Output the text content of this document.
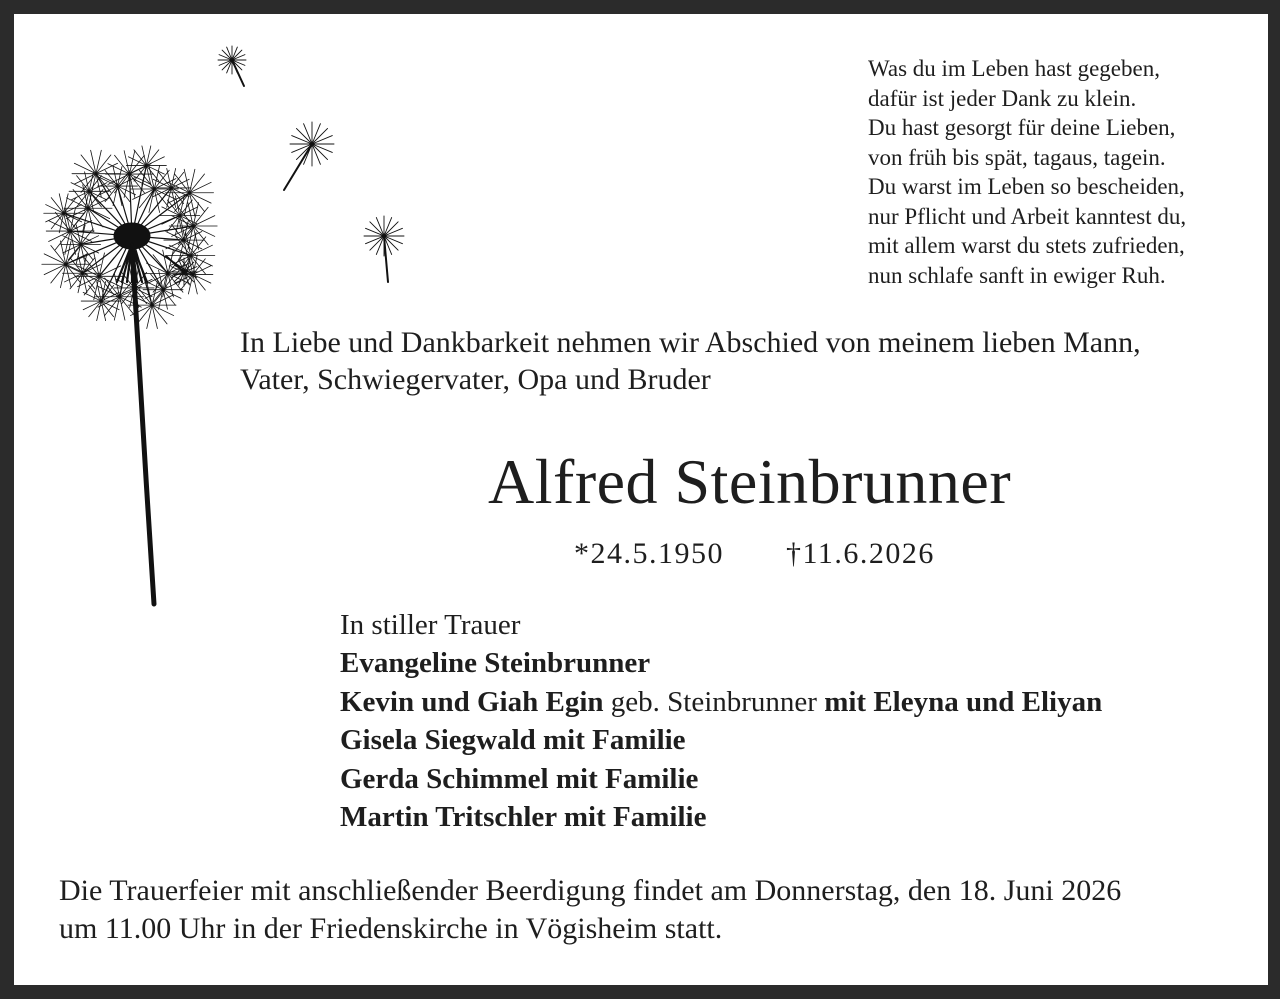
Was du im Leben hast gegeben,
dafür ist jeder Dank zu klein.
Du hast gesorgt für deine Lieben,
von früh bis spät, tagaus, tagein.
Du warst im Leben so bescheiden,
nur Pflicht und Arbeit kanntest du,
mit allem warst du stets zufrieden,
nun schlafe sanft in ewiger Ruh.
In Liebe und Dankbarkeit nehmen wir Abschied von meinem lieben Mann,
Vater, Schwiegervater, Opa und Bruder
Alfred Steinbrunner
*24.5.1950 †11.6.2026
In stiller Trauer
Evangeline Steinbrunner
Kevin und Giah Egin geb. Steinbrunner mit Eleyna und Eliyan
Gisela Siegwald mit Familie
Gerda Schimmel mit Familie
Martin Tritschler mit Familie
Die Trauerfeier mit anschließender Beerdigung findet am Donnerstag, den 18. Juni 2026
um 11.00 Uhr in der Friedenskirche in Vögisheim statt.
